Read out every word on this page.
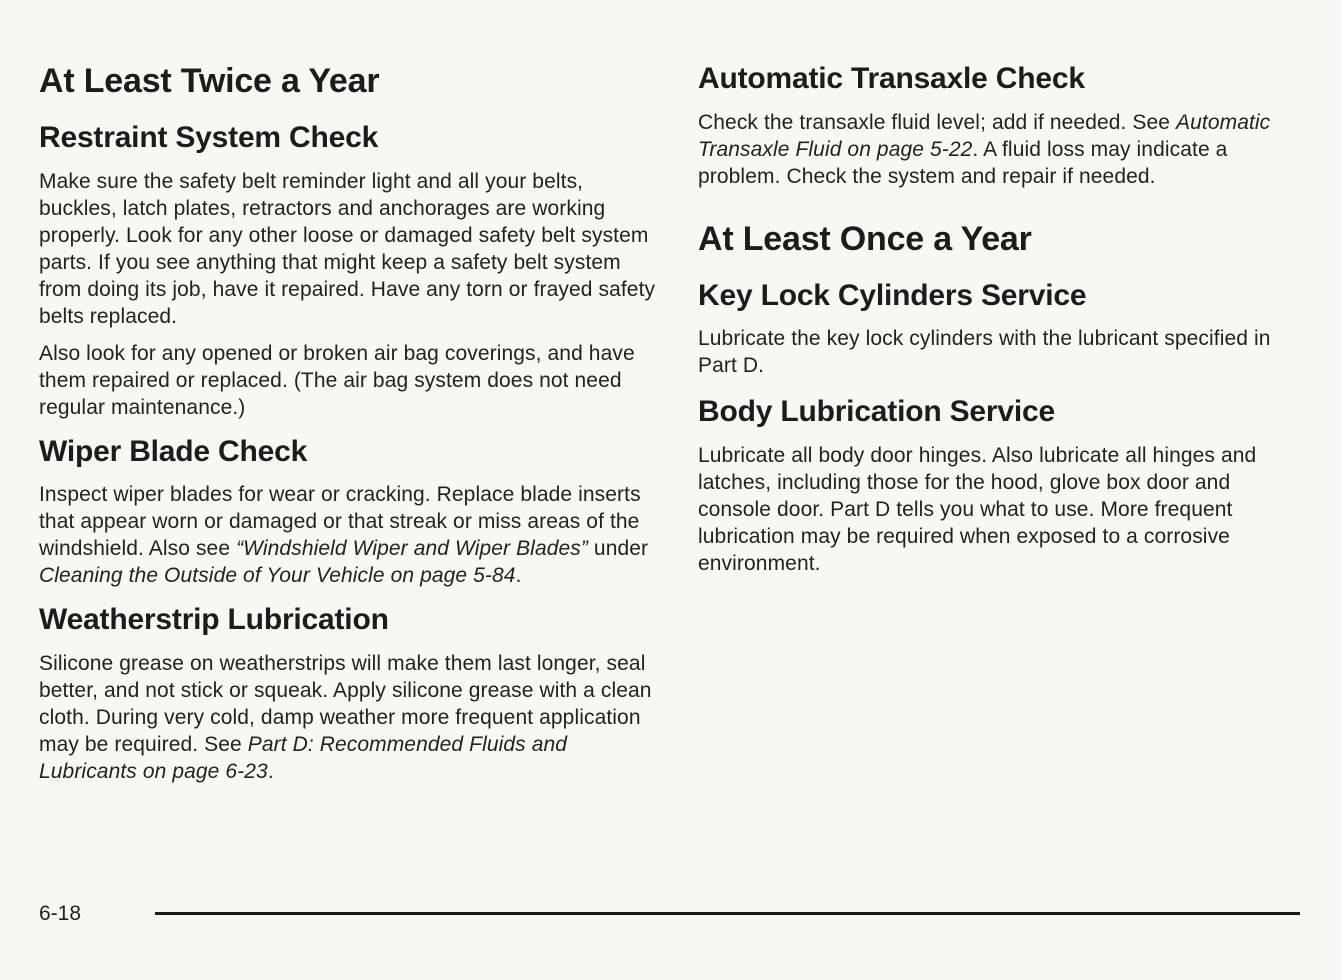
At Least Twice a Year
Restraint System Check

Make sure the safety belt reminder light and all your belts, buckles, latch plates, retractors and anchorages are working properly. Look for any other loose or damaged safety belt system parts. If you see anything that might keep a safety belt system from doing its job, have it repaired. Have any torn or frayed safety belts replaced.

Also look for any opened or broken air bag coverings, and have them repaired or replaced. (The air bag system does not need regular maintenance.)

Wiper Blade Check

Inspect wiper blades for wear or cracking. Replace blade inserts that appear worn or damaged or that streak or miss areas of the windshield. Also see “Windshield Wiper and Wiper Blades” under Cleaning the Outside of Your Vehicle on page 5-84.

Weatherstrip Lubrication

Silicone grease on weatherstrips will make them last longer, seal better, and not stick or squeak. Apply silicone grease with a clean cloth. During very cold, damp weather more frequent application may be required. See Part D: Recommended Fluids and Lubricants on page 6-23.

Automatic Transaxle Check

Check the transaxle fluid level; add if needed. See Automatic Transaxle Fluid on page 5-22. A fluid loss may indicate a problem. Check the system and repair if needed.

At Least Once a Year
Key Lock Cylinders Service

Lubricate the key lock cylinders with the lubricant specified in Part D.

Body Lubrication Service

Lubricate all body door hinges. Also lubricate all hinges and latches, including those for the hood, glove box door and console door. Part D tells you what to use. More frequent lubrication may be required when exposed to a corrosive environment.

6-18
